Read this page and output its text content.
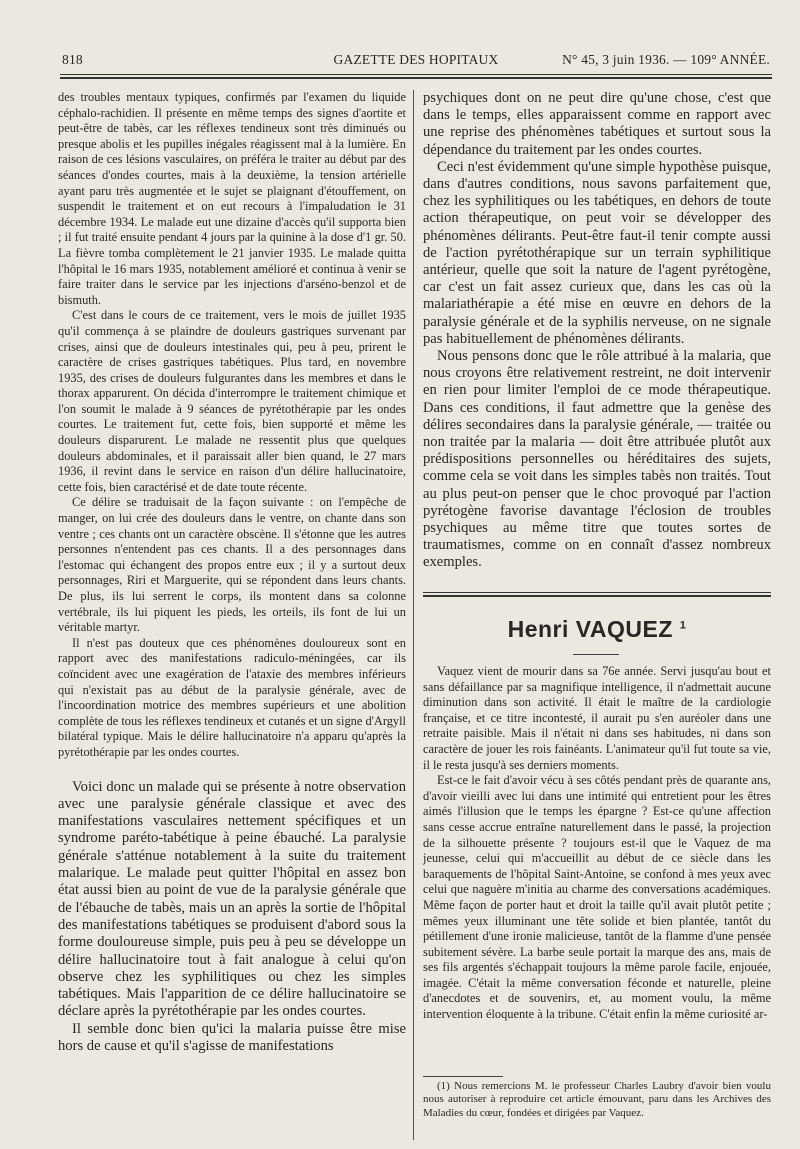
818	GAZETTE DES HOPITAUX	N° 45, 3 juin 1936. — 109° ANNÉE.

des troubles mentaux typiques, confirmés par l'examen du liquide céphalo-rachidien. Il présente en même temps des signes d'aortite et peut-être de tabès, car les réflexes tendineux sont très diminués ou presque abolis et les pupilles inégales réagissent mal à la lumière. En raison de ces lésions vasculaires, on préféra le traiter au début par des séances d'ondes courtes, mais à la deuxième, la tension artérielle ayant paru très augmentée et le sujet se plaignant d'étouffement, on suspendit le traitement et on eut recours à l'impaludation le 31 décembre 1934. Le malade eut une dizaine d'accès qu'il supporta bien ; il fut traité ensuite pendant 4 jours par la quinine à la dose d'1 gr. 50. La fièvre tomba complètement le 21 janvier 1935. Le malade quitta l'hôpital le 16 mars 1935, notablement amélioré et continua à venir se faire traiter dans le service par les injections d'arséno-benzol et de bismuth.

C'est dans le cours de ce traitement, vers le mois de juillet 1935 qu'il commença à se plaindre de douleurs gastriques survenant par crises, ainsi que de douleurs intestinales qui, peu à peu, prirent le caractère de crises gastriques tabétiques. Plus tard, en novembre 1935, des crises de douleurs fulgurantes dans les membres et dans le thorax apparurent. On décida d'interrompre le traitement chimique et l'on soumit le malade à 9 séances de pyrétothérapie par les ondes courtes. Le traitement fut, cette fois, bien supporté et même les douleurs disparurent. Le malade ne ressentit plus que quelques douleurs abdominales, et il paraissait aller bien quand, le 27 mars 1936, il revint dans le service en raison d'un délire hallucinatoire, cette fois, bien caractérisé et de date toute récente.

Ce délire se traduisait de la façon suivante : on l'empêche de manger, on lui crée des douleurs dans le ventre, on chante dans son ventre ; ces chants ont un caractère obscène. Il s'étonne que les autres personnes n'entendent pas ces chants. Il a des personnages dans l'estomac qui échangent des propos entre eux ; il y a surtout deux personnages, Riri et Marguerite, qui se répondent dans leurs chants. De plus, ils lui serrent le corps, ils montent dans sa colonne vertébrale, ils lui piquent les pieds, les orteils, ils font de lui un véritable martyr.

Il n'est pas douteux que ces phénomènes douloureux sont en rapport avec des manifestations radiculo-méningées, car ils coïncident avec une exagération de l'ataxie des membres inférieurs qui n'existait pas au début de la paralysie générale, avec de l'incoordination motrice des membres supérieurs et une abolition complète de tous les réflexes tendineux et cutanés et un signe d'Argyll bilatéral typique. Mais le délire hallucinatoire n'a apparu qu'après la pyrétothérapie par les ondes courtes.

Voici donc un malade qui se présente à notre observation avec une paralysie générale classique et avec des manifestations vasculaires nettement spécifiques et un syndrome paréto-tabétique à peine ébauché. La paralysie générale s'atténue notablement à la suite du traitement malarique. Le malade peut quitter l'hôpital en assez bon état aussi bien au point de vue de la paralysie générale que de l'ébauche de tabès, mais un an après la sortie de l'hôpital des manifestations tabétiques se produisent d'abord sous la forme douloureuse simple, puis peu à peu se développe un délire hallucinatoire tout à fait analogue à celui qu'on observe chez les syphilitiques ou chez les simples tabétiques. Mais l'apparition de ce délire hallucinatoire se déclare après la pyrétothérapie par les ondes courtes.

Il semble donc bien qu'ici la malaria puisse être mise hors de cause et qu'il s'agisse de manifestations

psychiques dont on ne peut dire qu'une chose, c'est que dans le temps, elles apparaissent comme en rapport avec une reprise des phénomènes tabétiques et surtout sous la dépendance du traitement par les ondes courtes.

Ceci n'est évidemment qu'une simple hypothèse puisque, dans d'autres conditions, nous savons parfaitement que, chez les syphilitiques ou les tabétiques, en dehors de toute action thérapeutique, on peut voir se développer des phénomènes délirants. Peut-être faut-il tenir compte aussi de l'action pyrétothérapique sur un terrain syphilitique antérieur, quelle que soit la nature de l'agent pyrétogène, car c'est un fait assez curieux que, dans les cas où la malariathérapie a été mise en œuvre en dehors de la paralysie générale et de la syphilis nerveuse, on ne signale pas habituellement de phénomènes délirants.

Nous pensons donc que le rôle attribué à la malaria, que nous croyons être relativement restreint, ne doit intervenir en rien pour limiter l'emploi de ce mode thérapeutique. Dans ces conditions, il faut admettre que la genèse des délires secondaires dans la paralysie générale, — traitée ou non traitée par la malaria — doit être attribuée plutôt aux prédispositions personnelles ou héréditaires des sujets, comme cela se voit dans les simples tabès non traités. Tout au plus peut-on penser que le choc provoqué par l'action pyrétogène favorise davantage l'éclosion de troubles psychiques au même titre que toutes sortes de traumatismes, comme on en connaît d'assez nombreux exemples.

Henri VAQUEZ $^1$

Vaquez vient de mourir dans sa 76e année. Servi jusqu'au bout et sans défaillance par sa magnifique intelligence, il n'admettait aucune diminution dans son activité. Il était le maître de la cardiologie française, et ce titre incontesté, il aurait pu s'en auréoler dans une retraite paisible. Mais il n'était ni dans ses habitudes, ni dans son caractère de jouer les rois fainéants. L'animateur qu'il fut toute sa vie, il le resta jusqu'à ses derniers moments.

Est-ce le fait d'avoir vécu à ses côtés pendant près de quarante ans, d'avoir vieilli avec lui dans une intimité qui entretient pour les êtres aimés l'illusion que le temps les épargne ? Est-ce qu'une affection sans cesse accrue entraîne naturellement dans le passé, la projection de la silhouette présente ? toujours est-il que le Vaquez de ma jeunesse, celui qui m'accueillit au début de ce siècle dans les baraquements de l'hôpital Saint-Antoine, se confond à mes yeux avec celui que naguère m'initia au charme des conversations académiques. Même façon de porter haut et droit la taille qu'il avait plutôt petite ; mêmes yeux illuminant une tête solide et bien plantée, tantôt du pétillement d'une ironie malicieuse, tantôt de la flamme d'une pensée subitement sévère. La barbe seule portait la marque des ans, mais de ses fils argentés s'échappait toujours la même parole facile, enjouée, imagée. C'était la même conversation féconde et naturelle, pleine d'anecdotes et de souvenirs, et, au moment voulu, la même intervention éloquente à la tribune. C'était enfin la même curiosité ar-

(1) Nous remercions M. le professeur Charles Laubry d'avoir bien voulu nous autoriser à reproduire cet article émouvant, paru dans les Archives des Maladies du cœur, fondées et dirigées par Vaquez.
